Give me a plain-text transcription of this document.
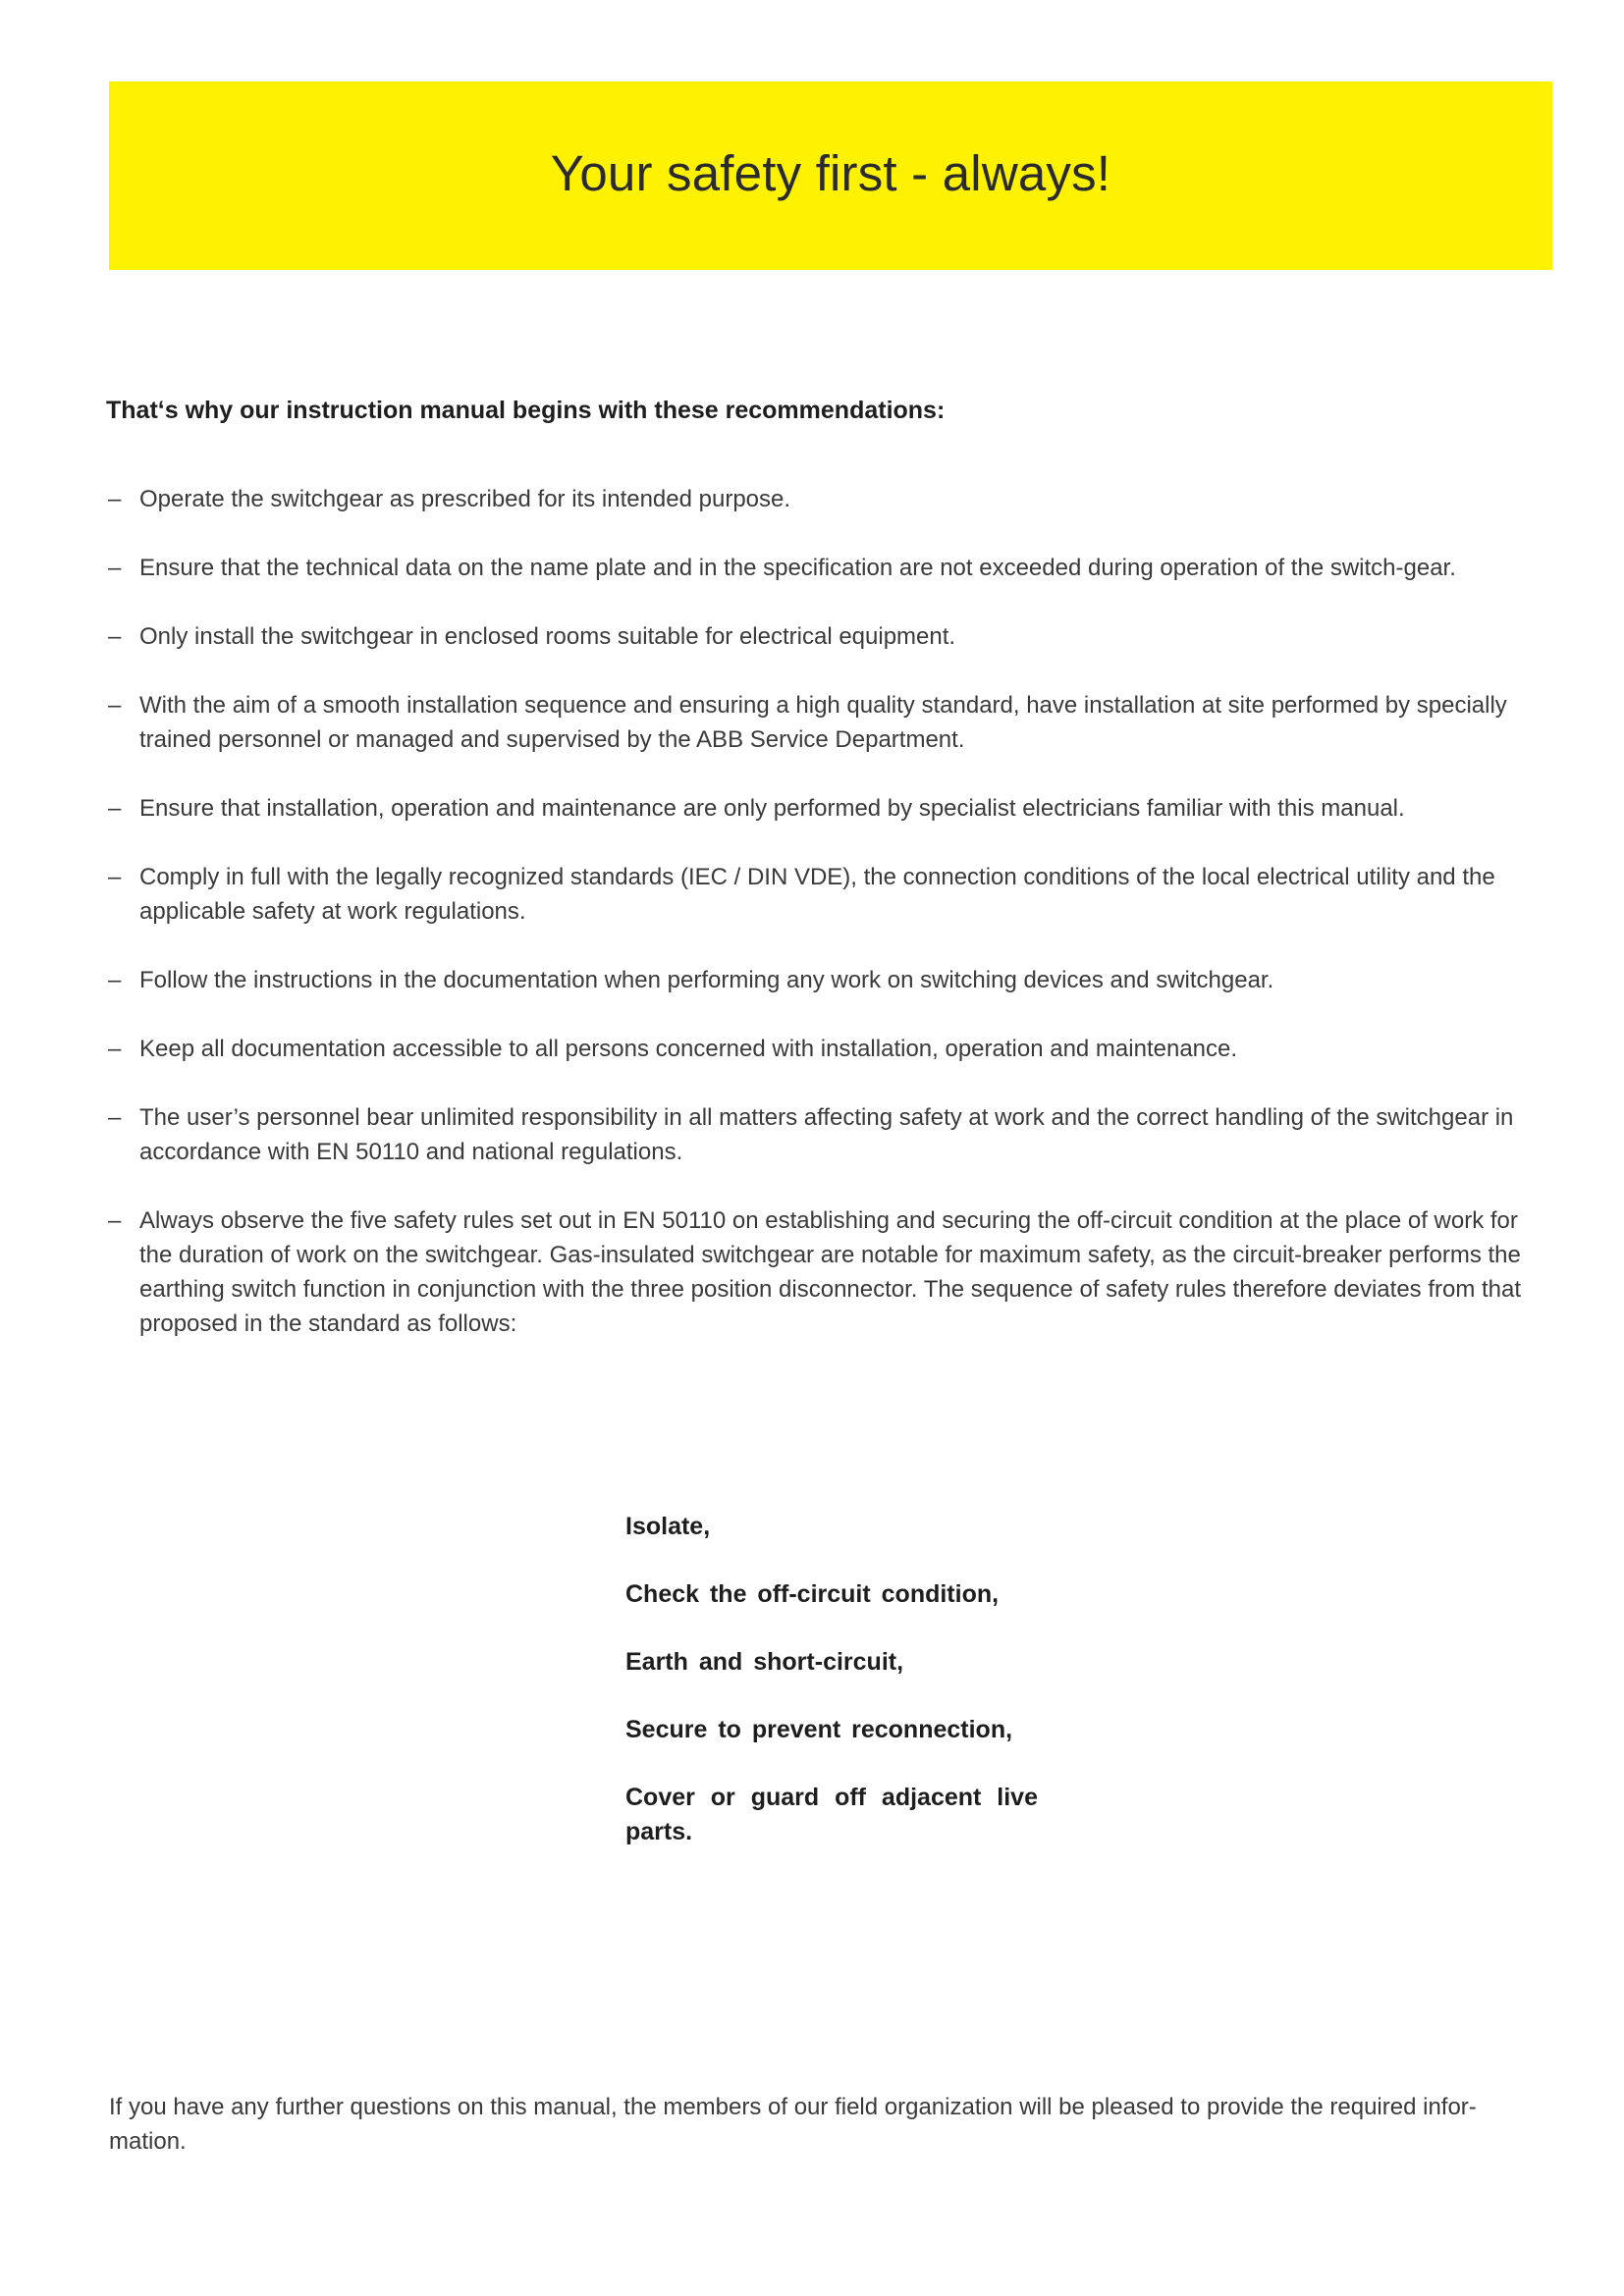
Your safety first - always!

That‘s why our instruction manual begins with these recommendations:

– Operate the switchgear as prescribed for its intended purpose.
– Ensure that the technical data on the name plate and in the specification are not exceeded during operation of the switch-gear.
– Only install the switchgear in enclosed rooms suitable for electrical equipment.
– With the aim of a smooth installation sequence and ensuring a high quality standard, have installation at site performed by specially trained personnel or managed and supervised by the ABB Service Department.
– Ensure that installation, operation and maintenance are only performed by specialist electricians familiar with this manual.
– Comply in full with the legally recognized standards (IEC / DIN VDE), the connection conditions of the local electrical utility and the applicable safety at work regulations.
– Follow the instructions in the documentation when performing any work on switching devices and switchgear.
– Keep all documentation accessible to all persons concerned with installation, operation and maintenance.
– The user’s personnel bear unlimited responsibility in all matters affecting safety at work and the correct handling of the switchgear in accordance with EN 50110 and national regulations.
– Always observe the five safety rules set out in EN 50110 on establishing and securing the off-circuit condition at the place of work for the duration of work on the switchgear. Gas-insulated switchgear are notable for maximum safety, as the circuit-breaker performs the earthing switch function in conjunction with the three position disconnector. The sequence of safety rules therefore deviates from that proposed in the standard as follows:
Isolate,
Check the off-circuit condition,
Earth and short-circuit,
Secure to prevent reconnection,
Cover or guard off adjacent live parts.

If you have any further questions on this manual, the members of our field organization will be pleased to provide the required infor-mation.
